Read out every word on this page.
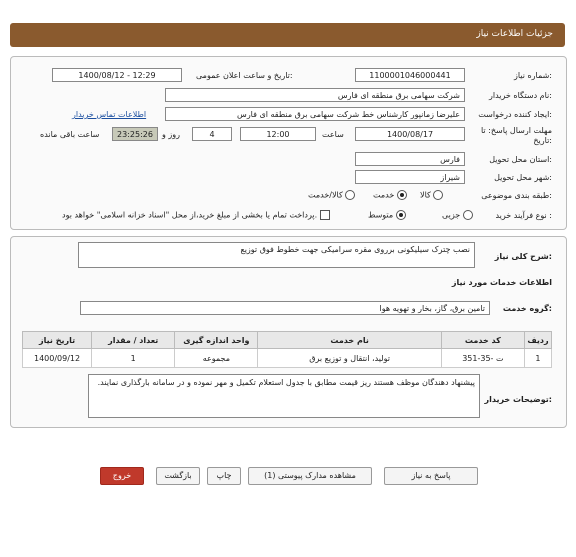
جزئیات اطلاعات نیاز
شماره نیاز:
1100001046000441
تاریخ و ساعت اعلان عمومی:
1400/08/12 - 12:29
نام دستگاه خریدار:
شرکت سهامی برق منطقه ای فارس
ایجاد کننده درخواست:
علیرضا زمانپور کارشناس خط شرکت سهامی برق منطقه ای فارس
اطلاعات تماس خریدار
مهلت ارسال پاسخ: تا
تاریخ:
1400/08/17
ساعت
12:00
4
روز و
23:25:26
ساعت باقی مانده
استان محل تحویل:
فارس
شهر محل تحویل:
شیراز
طبقه بندی موضوعی:
کالا
خدمت
کالا/خدمت
نوع فرآیند خرید :
جزیی
متوسط
پرداخت تمام یا بخشی از مبلغ خرید،از محل "اسناد خزانه اسلامی" خواهد بود.
شرح کلی نیاز:
نصب چترک سیلیکونی برروی مقره سرامیکی جهت خطوط فوق توزیع
اطلاعات خدمات مورد نیاز
گروه خدمت:
تامین برق، گاز، بخار و تهویه هوا
تاریخ نیاز	تعداد / مقدار	واحد اندازه گیری	نام خدمت	کد خدمت	ردیف
1400/09/12	1	مجموعه	تولید، انتقال و توزیع برق	ت -35-351	1
توضیحات خریدار:
پیشنهاد دهندگان موظف هستند ریز قیمت مطابق با جدول استعلام تکمیل و مهر نموده و در سامانه بارگذاری نمایند.
پاسخ به نیاز
مشاهده مدارک پیوستی (1)
چاپ
بازگشت
خروج
